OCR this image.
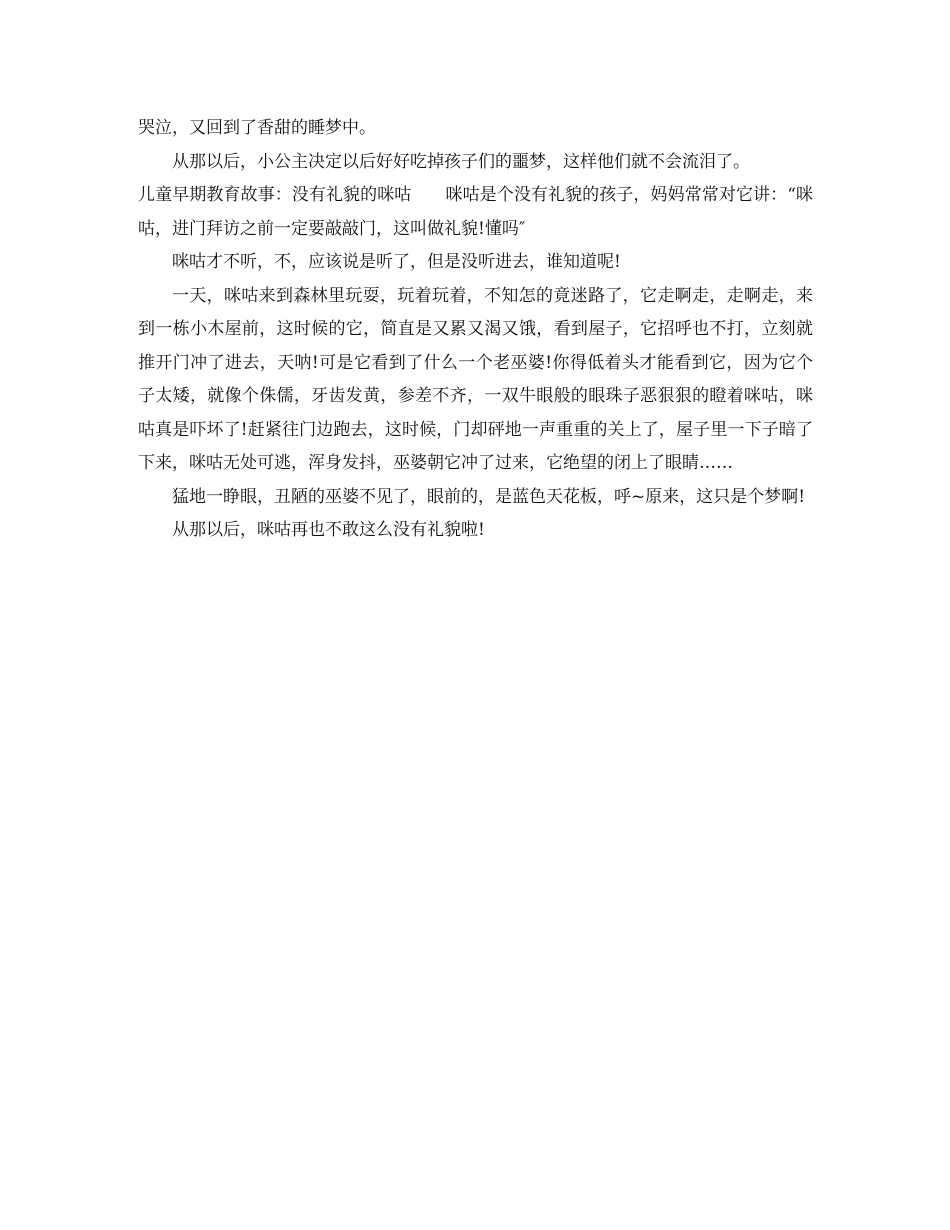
哭泣，又回到了香甜的睡梦中。

从那以后，小公主决定以后好好吃掉孩子们的噩梦，这样他们就不会流泪了。

儿童早期教育故事：没有礼貌的咪咕 咪咕是个没有礼貌的孩子，妈妈常常对它讲：“咪咕，进门拜访之前一定要敲敲门，这叫做礼貌!懂吗″

咪咕才不听，不，应该说是听了，但是没听进去，谁知道呢!

一天，咪咕来到森林里玩耍，玩着玩着，不知怎的竟迷路了，它走啊走，走啊走，来到一栋小木屋前，这时候的它，简直是又累又渴又饿，看到屋子，它招呼也不打，立刻就推开门冲了进去，天呐!可是它看到了什么一个老巫婆!你得低着头才能看到它，因为它个子太矮，就像个侏儒，牙齿发黄，参差不齐，一双牛眼般的眼珠子恶狠狠的瞪着咪咕，咪咕真是吓坏了!赶紧往门边跑去，这时候，门却砰地一声重重的关上了，屋子里一下子暗了下来，咪咕无处可逃，浑身发抖，巫婆朝它冲了过来，它绝望的闭上了眼睛……

猛地一睁眼，丑陋的巫婆不见了，眼前的，是蓝色天花板，呼~原来，这只是个梦啊!

从那以后，咪咕再也不敢这么没有礼貌啦!
